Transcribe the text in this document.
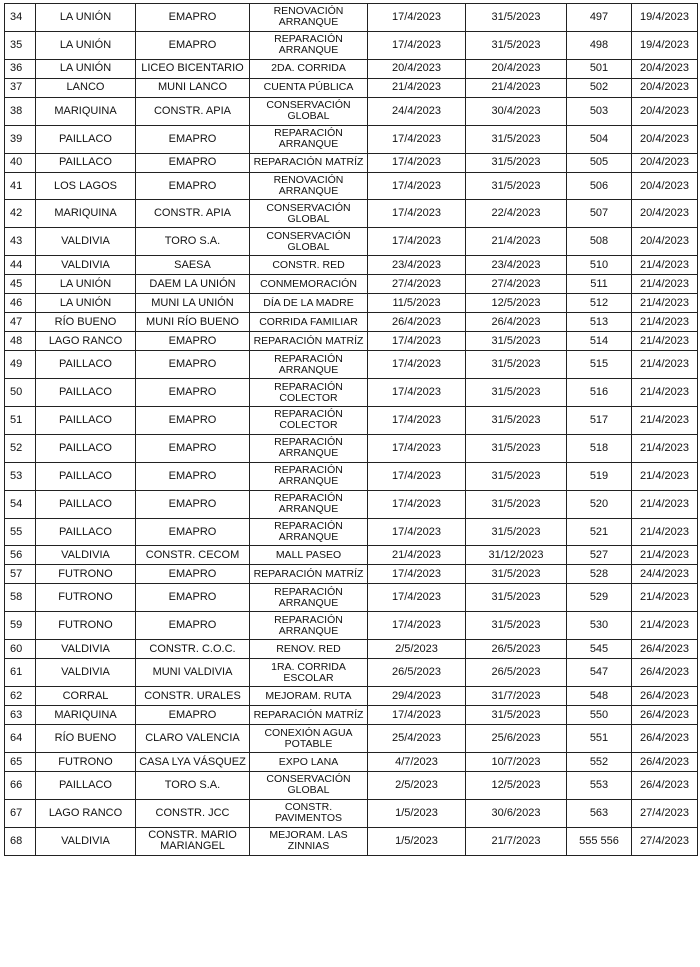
34	LA UNIÓN	EMAPRO	RENOVACIÓN ARRANQUE	17/4/2023	31/5/2023	497	19/4/2023
35	LA UNIÓN	EMAPRO	REPARACIÓN ARRANQUE	17/4/2023	31/5/2023	498	19/4/2023
36	LA UNIÓN	LICEO BICENTARIO	2DA. CORRIDA	20/4/2023	20/4/2023	501	20/4/2023
37	LANCO	MUNI LANCO	CUENTA PÚBLICA	21/4/2023	21/4/2023	502	20/4/2023
38	MARIQUINA	CONSTR. APIA	CONSERVACIÓN GLOBAL	24/4/2023	30/4/2023	503	20/4/2023
39	PAILLACO	EMAPRO	REPARACIÓN ARRANQUE	17/4/2023	31/5/2023	504	20/4/2023
40	PAILLACO	EMAPRO	REPARACIÓN MATRÍZ	17/4/2023	31/5/2023	505	20/4/2023
41	LOS LAGOS	EMAPRO	RENOVACIÓN ARRANQUE	17/4/2023	31/5/2023	506	20/4/2023
42	MARIQUINA	CONSTR. APIA	CONSERVACIÓN GLOBAL	17/4/2023	22/4/2023	507	20/4/2023
43	VALDIVIA	TORO S.A.	CONSERVACIÓN GLOBAL	17/4/2023	21/4/2023	508	20/4/2023
44	VALDIVIA	SAESA	CONSTR. RED	23/4/2023	23/4/2023	510	21/4/2023
45	LA UNIÓN	DAEM LA UNIÓN	CONMEMORACIÓN	27/4/2023	27/4/2023	511	21/4/2023
46	LA UNIÓN	MUNI LA UNIÓN	DÍA DE LA MADRE	11/5/2023	12/5/2023	512	21/4/2023
47	RÍO BUENO	MUNI RÍO BUENO	CORRIDA FAMILIAR	26/4/2023	26/4/2023	513	21/4/2023
48	LAGO RANCO	EMAPRO	REPARACIÓN MATRÍZ	17/4/2023	31/5/2023	514	21/4/2023
49	PAILLACO	EMAPRO	REPARACIÓN ARRANQUE	17/4/2023	31/5/2023	515	21/4/2023
50	PAILLACO	EMAPRO	REPARACIÓN COLECTOR	17/4/2023	31/5/2023	516	21/4/2023
51	PAILLACO	EMAPRO	REPARACIÓN COLECTOR	17/4/2023	31/5/2023	517	21/4/2023
52	PAILLACO	EMAPRO	REPARACIÓN ARRANQUE	17/4/2023	31/5/2023	518	21/4/2023
53	PAILLACO	EMAPRO	REPARACIÓN ARRANQUE	17/4/2023	31/5/2023	519	21/4/2023
54	PAILLACO	EMAPRO	REPARACIÓN ARRANQUE	17/4/2023	31/5/2023	520	21/4/2023
55	PAILLACO	EMAPRO	REPARACIÓN ARRANQUE	17/4/2023	31/5/2023	521	21/4/2023
56	VALDIVIA	CONSTR. CECOM	MALL PASEO	21/4/2023	31/12/2023	527	21/4/2023
57	FUTRONO	EMAPRO	REPARACIÓN MATRÍZ	17/4/2023	31/5/2023	528	24/4/2023
58	FUTRONO	EMAPRO	REPARACIÓN ARRANQUE	17/4/2023	31/5/2023	529	21/4/2023
59	FUTRONO	EMAPRO	REPARACIÓN ARRANQUE	17/4/2023	31/5/2023	530	21/4/2023
60	VALDIVIA	CONSTR. C.O.C.	RENOV. RED	2/5/2023	26/5/2023	545	26/4/2023
61	VALDIVIA	MUNI VALDIVIA	1RA. CORRIDA ESCOLAR	26/5/2023	26/5/2023	547	26/4/2023
62	CORRAL	CONSTR. URALES	MEJORAM. RUTA	29/4/2023	31/7/2023	548	26/4/2023
63	MARIQUINA	EMAPRO	REPARACIÓN MATRÍZ	17/4/2023	31/5/2023	550	26/4/2023
64	RÍO BUENO	CLARO VALENCIA	CONEXIÓN AGUA POTABLE	25/4/2023	25/6/2023	551	26/4/2023
65	FUTRONO	CASA LYA VÁSQUEZ	EXPO LANA	4/7/2023	10/7/2023	552	26/4/2023
66	PAILLACO	TORO S.A.	CONSERVACIÓN GLOBAL	2/5/2023	12/5/2023	553	26/4/2023
67	LAGO RANCO	CONSTR. JCC	CONSTR. PAVIMENTOS	1/5/2023	30/6/2023	563	27/4/2023
68	VALDIVIA	CONSTR. MARIO MARIANGEL	MEJORAM. LAS ZINNIAS	1/5/2023	21/7/2023	555 556	27/4/2023
